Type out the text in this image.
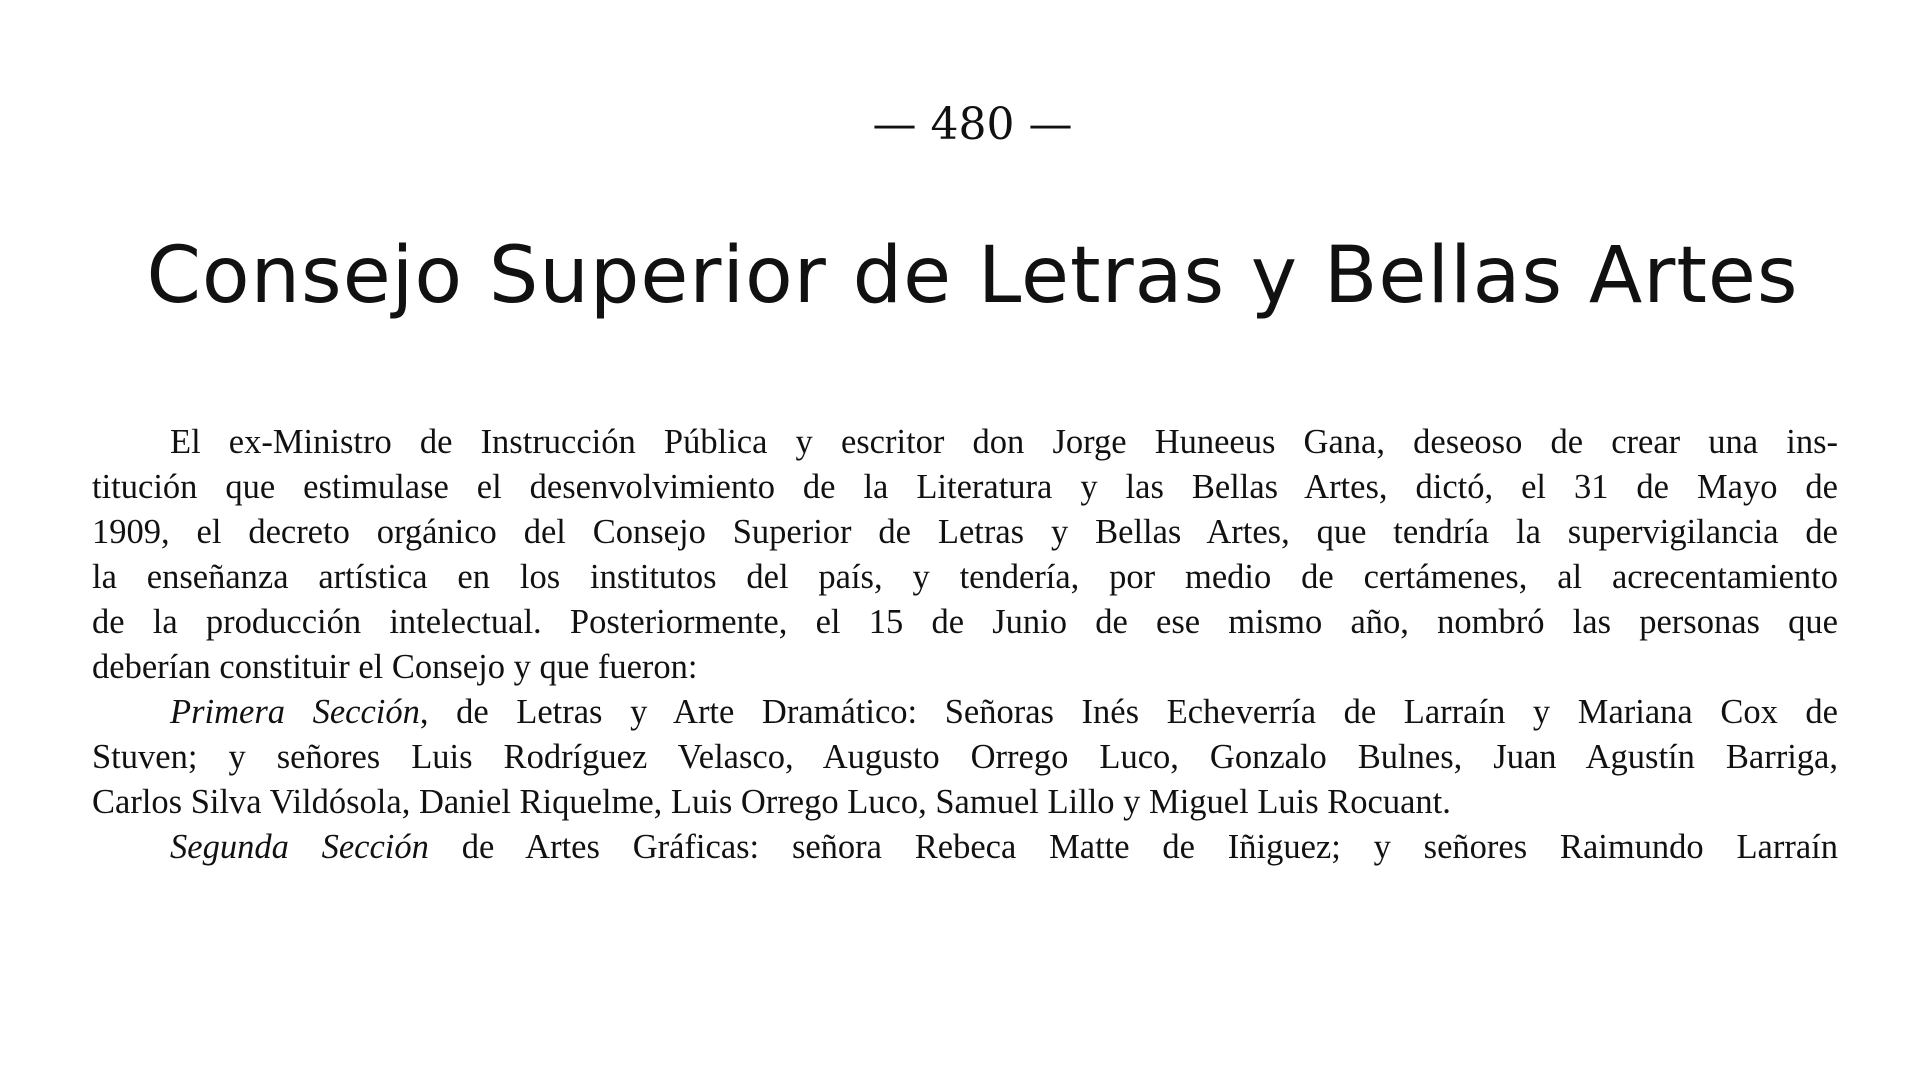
— 480 —
Consejo Superior de Letras y Bellas Artes
El ex-Ministro de Instrucción Pública y escritor don Jorge Huneeus Gana, deseoso de crear una ins-
titución que estimulase el desenvolvimiento de la Literatura y las Bellas Artes, dictó, el 31 de Mayo de
1909, el decreto orgánico del Consejo Superior de Letras y Bellas Artes, que tendría la supervigilancia de
la enseñanza artística en los institutos del país, y tendería, por medio de certámenes, al acrecentamiento
de la producción intelectual. Posteriormente, el 15 de Junio de ese mismo año, nombró las personas que
deberían constituir el Consejo y que fueron:
Primera Sección, de Letras y Arte Dramático: Señoras Inés Echeverría de Larraín y Mariana Cox de
Stuven; y señores Luis Rodríguez Velasco, Augusto Orrego Luco, Gonzalo Bulnes, Juan Agustín Barriga,
Carlos Silva Vildósola, Daniel Riquelme, Luis Orrego Luco, Samuel Lillo y Miguel Luis Rocuant.
Segunda Sección de Artes Gráficas: señora Rebeca Matte de Iñiguez; y señores Raimundo Larraín
